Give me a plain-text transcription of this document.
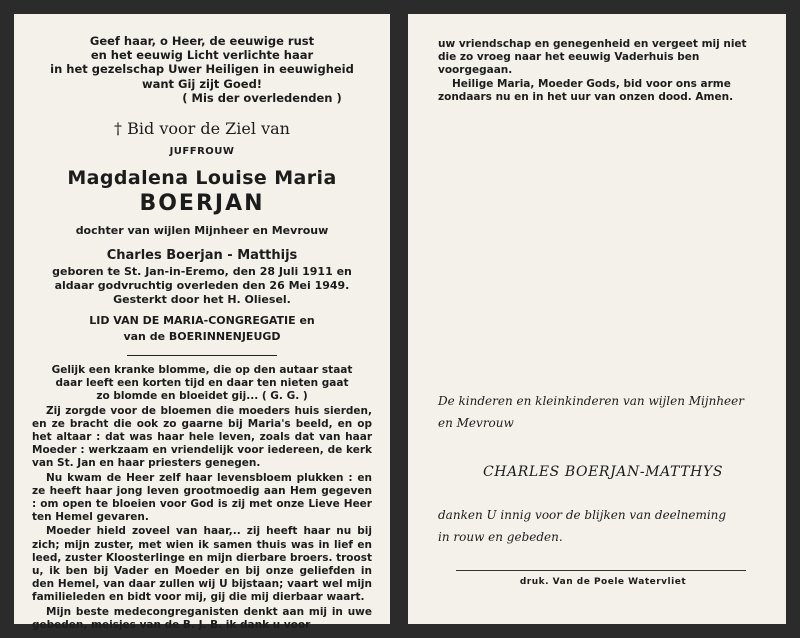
Geef haar, o Heer, de eeuwige rust
en het eeuwig Licht verlichte haar
in het gezelschap Uwer Heiligen in eeuwigheid
want Gij zijt Goed!
( Mis der overledenden )
† Bid voor de Ziel van
JUFFROUW
Magdalena Louise Maria
BOERJAN
dochter van wijlen Mijnheer en Mevrouw
Charles Boerjan - Matthijs
geboren te St. Jan-in-Eremo, den 28 Juli 1911 en
aldaar godvruchtig overleden den 26 Mei 1949.
Gesterkt door het H. Oliesel.
LID VAN DE MARIA-CONGREGATIE en
van de BOERINNENJEUGD

Gelijk een kranke blomme, die op den autaar staat
daar leeft een korten tijd en daar ten nieten gaat
zo blomde en bloeidet gij... ( G. G. )

Zij zorgde voor de bloemen die moeders huis sierden, en ze bracht die ook zo gaarne bij Maria's beeld, en op het altaar : dat was haar hele leven, zoals dat van haar Moeder : werkzaam en vriendelijk voor iedereen, de kerk van St. Jan en haar priesters genegen.

Nu kwam de Heer zelf haar levensbloem plukken : en ze heeft haar jong leven grootmoedig aan Hem gegeven : om open te bloeien voor God is zij met onze Lieve Heer ten Hemel gevaren.

Moeder hield zoveel van haar,.. zij heeft haar nu bij zich; mijn zuster, met wien ik samen thuis was in lief en leed, zuster Kloosterlinge en mijn dierbare broers. troost u, ik ben bij Vader en Moeder en bij onze geliefden in den Hemel, van daar zullen wij U bijstaan; vaart wel mijn familieleden en bidt voor mij, gij die mij dierbaar waart.

Mijn beste medecongreganisten denkt aan mij in uwe gebeden, meisjes van de B. J. B. ik dank u voor

uw vriendschap en genegenheid en vergeet mij niet die zo vroeg naar het eeuwig Vaderhuis ben voorgegaan.
Heilige Maria, Moeder Gods, bid voor ons arme zondaars nu en in het uur van onzen dood. Amen.
De kinderen en kleinkinderen van wijlen Mijnheer
en Mevrouw
CHARLES BOERJAN-MATTHYS
danken U innig voor de blijken van deelneming
in rouw en gebeden.
druk. Van de Poele Watervliet
